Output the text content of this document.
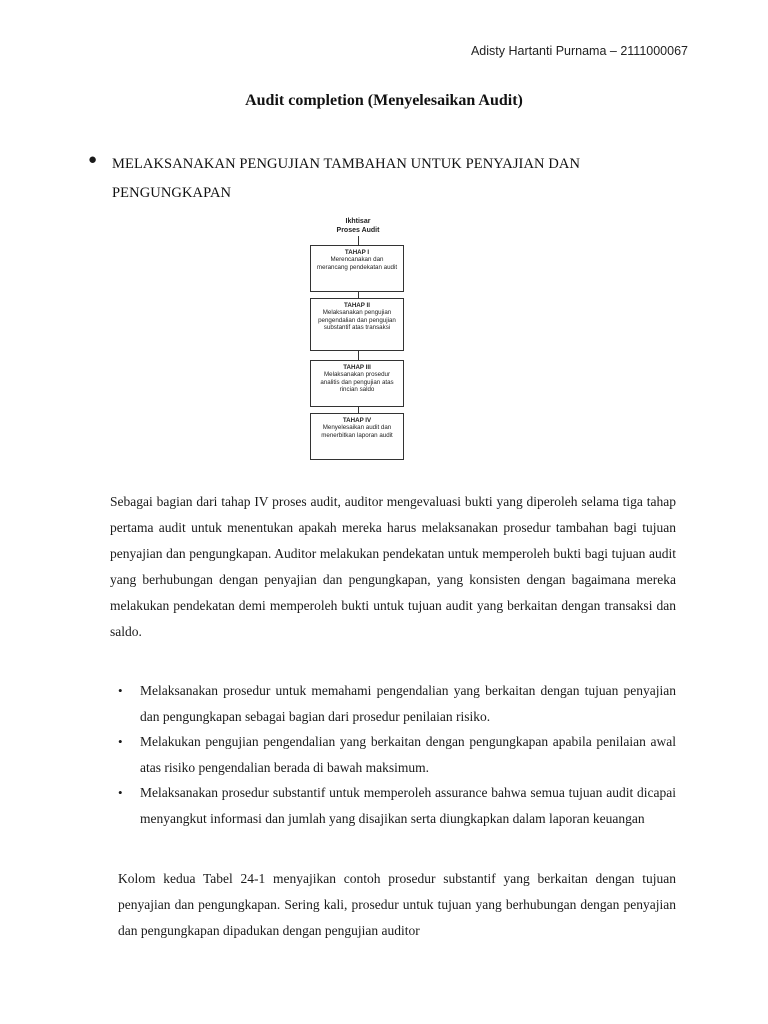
Adisty Hartanti Purnama – 2111000067
Audit completion (Menyelesaikan Audit)
● MELAKSANAKAN PENGUJIAN TAMBAHAN UNTUK PENYAJIAN DAN
PENGUNGKAPAN
Ikhtisar
Proses Audit
TAHAP I
Merencanakan dan merancang pendekatan audit
TAHAP II
Melaksanakan pengujian pengendalian dan pengujian substantif atas transaksi
TAHAP III
Melaksanakan prosedur analitis dan pengujian atas rincian saldo
TAHAP IV
Menyelesaikan audit dan menerbitkan laporan audit
Sebagai bagian dari tahap IV proses audit, auditor mengevaluasi bukti yang diperoleh selama tiga tahap pertama audit untuk menentukan apakah mereka harus melaksanakan prosedur tambahan bagi tujuan penyajian dan pengungkapan. Auditor melakukan pendekatan untuk memperoleh bukti bagi tujuan audit yang berhubungan dengan penyajian dan pengungkapan, yang konsisten dengan bagaimana mereka melakukan pendekatan demi memperoleh bukti untuk tujuan audit yang berkaitan dengan transaksi dan saldo.
• Melaksanakan prosedur untuk memahami pengendalian yang berkaitan dengan tujuan penyajian dan pengungkapan sebagai bagian dari prosedur penilaian risiko.
• Melakukan pengujian pengendalian yang berkaitan dengan pengungkapan apabila penilaian awal atas risiko pengendalian berada di bawah maksimum.
• Melaksanakan prosedur substantif untuk memperoleh assurance bahwa semua tujuan audit dicapai menyangkut informasi dan jumlah yang disajikan serta diungkapkan dalam laporan keuangan
Kolom kedua Tabel 24-1 menyajikan contoh prosedur substantif yang berkaitan dengan tujuan penyajian dan pengungkapan. Sering kali, prosedur untuk tujuan yang berhubungan dengan penyajian dan pengungkapan dipadukan dengan pengujian auditor
